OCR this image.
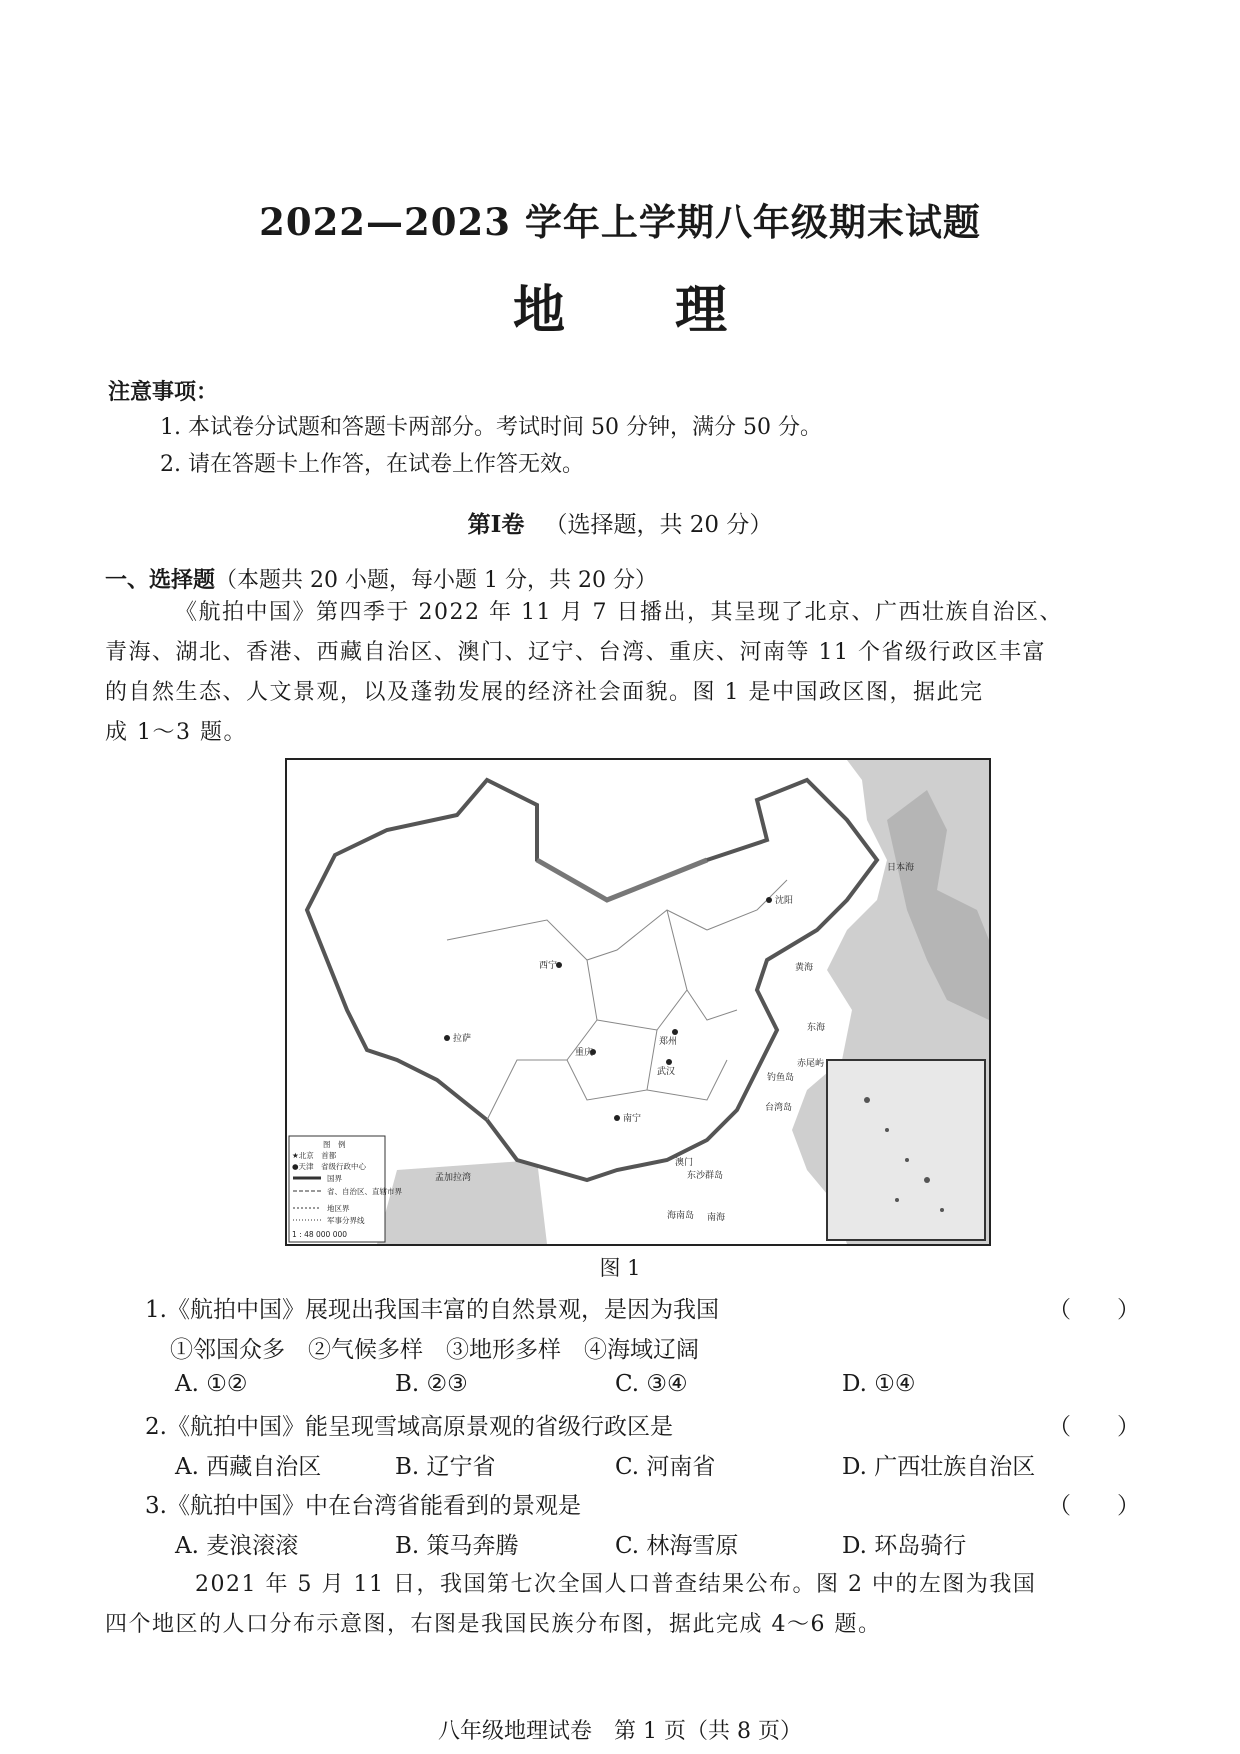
2022—2023 学年上学期八年级期末试题
地理
注意事项：
1. 本试卷分试题和答题卡两部分。考试时间 50 分钟，满分 50 分。
2. 请在答题卡上作答，在试卷上作答无效。
第Ⅰ卷 （选择题，共 20 分）
一、选择题（本题共 20 小题，每小题 1 分，共 20 分）
《航拍中国》第四季于 2022 年 11 月 7 日播出，其呈现了北京、广西壮族自治区、
青海、湖北、香港、西藏自治区、澳门、辽宁、台湾、重庆、河南等 11 个省级行政区丰富
的自然生态、人文景观，以及蓬勃发展的经济社会面貌。图 1 是中国政区图，据此完
成 1～3 题。
沈阳
西宁
郑州
拉萨
重庆
武汉
南宁
日本海
黄海
东海
南海
钓鱼岛
赤尾屿
台湾岛
澳门
东沙群岛
海南岛
孟加拉湾
图　例
★北京　首都
●天津　省级行政中心
国界
省、自治区、直辖市界
地区界
军事分界线
1 : 48 000 000
图 1
1.《航拍中国》展现出我国丰富的自然景观，是因为我国	（　　）
①邻国众多　②气候多样　③地形多样　④海域辽阔
A. ①②	B. ②③	C. ③④	D. ①④
2.《航拍中国》能呈现雪域高原景观的省级行政区是	（　　）
A. 西藏自治区	B. 辽宁省	C. 河南省	D. 广西壮族自治区
3.《航拍中国》中在台湾省能看到的景观是	（　　）
A. 麦浪滚滚	B. 策马奔腾	C. 林海雪原	D. 环岛骑行
2021 年 5 月 11 日，我国第七次全国人口普查结果公布。图 2 中的左图为我国
四个地区的人口分布示意图，右图是我国民族分布图，据此完成 4～6 题。
八年级地理试卷　第 1 页（共 8 页）
